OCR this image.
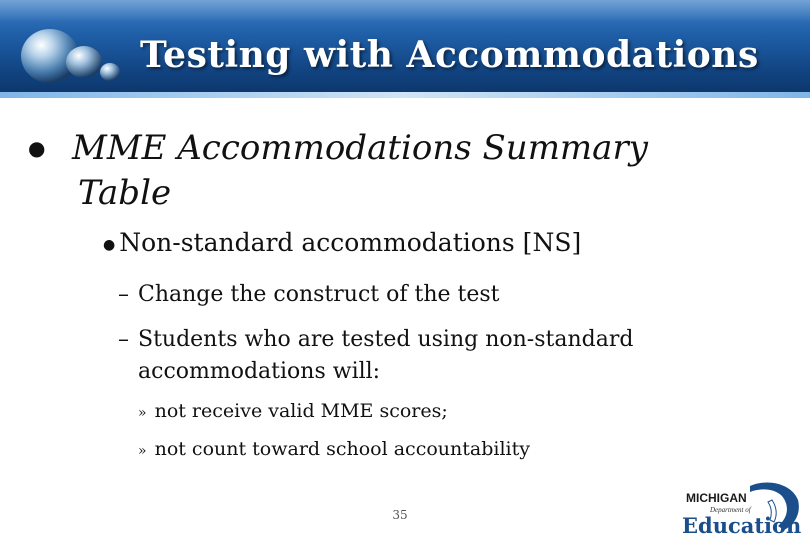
Testing with Accommodations
● MME Accommodations Summary Table
● Non-standard accommodations [NS]
– Change the construct of the test
– Students who are tested using non-standard accommodations will:
» not receive valid MME scores;
» not count toward school accountability
35
MICHIGAN
Department of
Education
